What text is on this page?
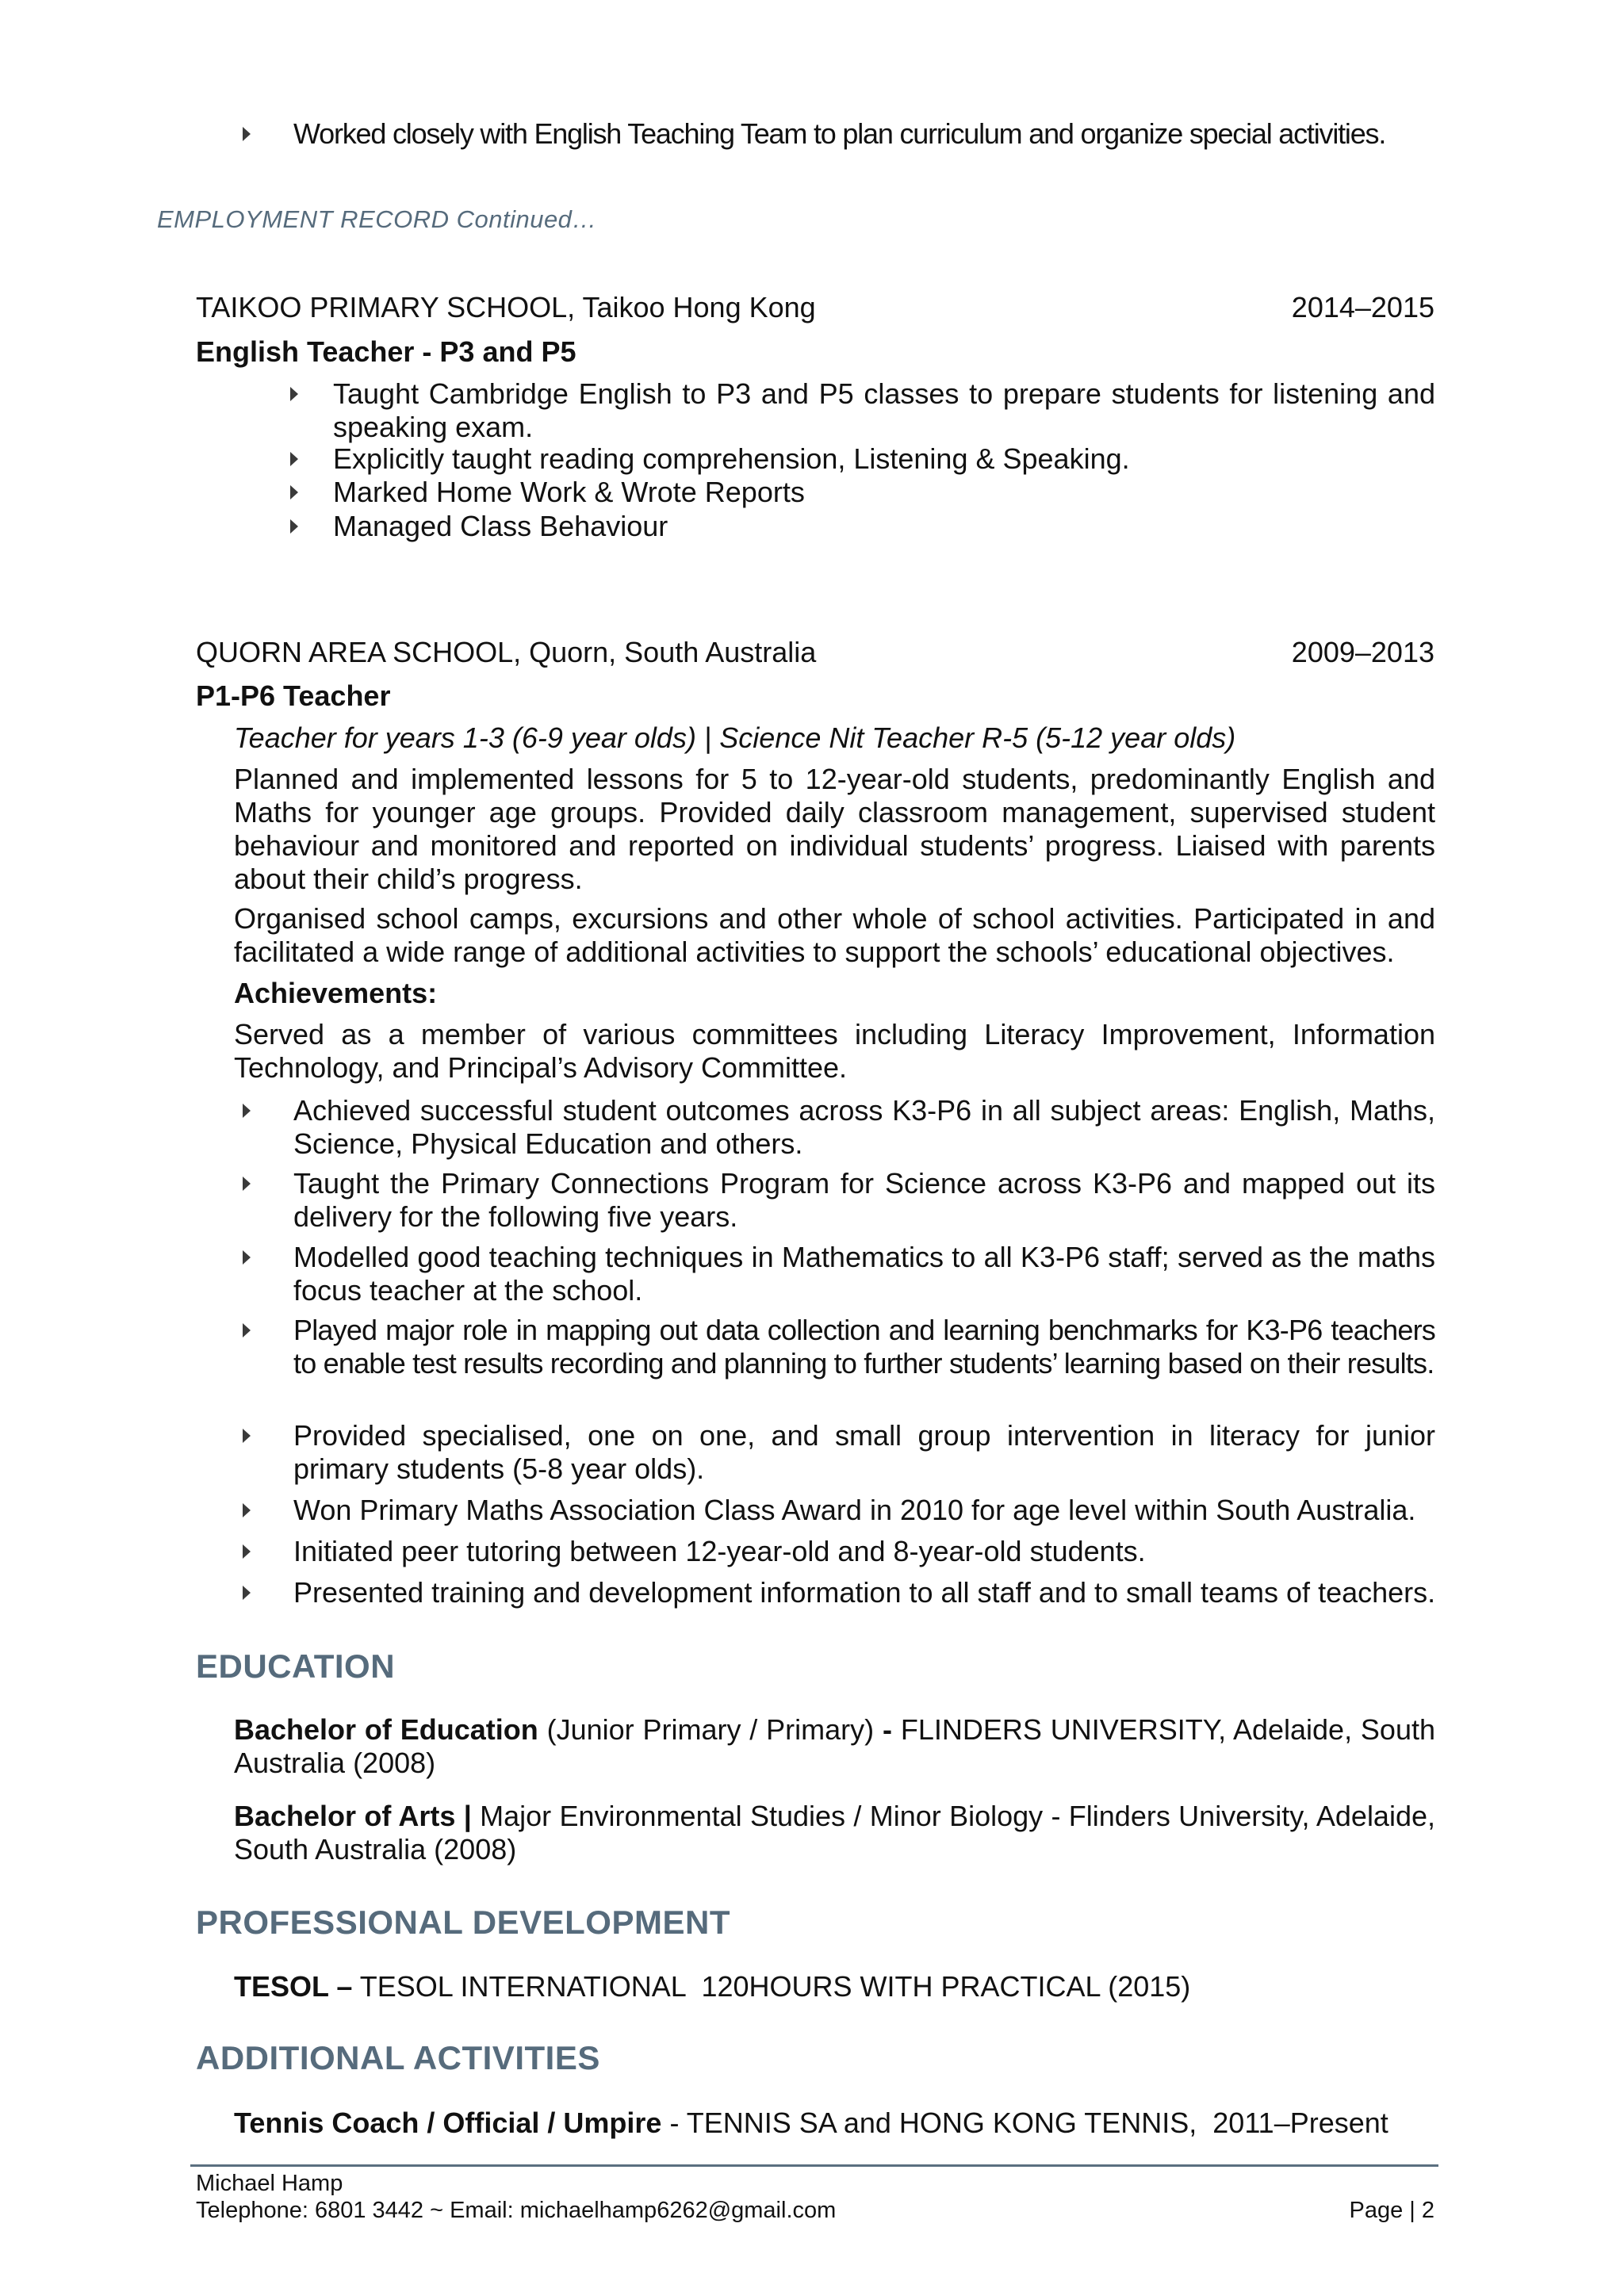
Worked closely with English Teaching Team to plan curriculum and organize special activities.
EMPLOYMENT RECORD Continued…
TAIKOO PRIMARY SCHOOL, Taikoo Hong Kong	2014–2015
English Teacher - P3 and P5
Taught Cambridge English to P3 and P5 classes to prepare students for listening and speaking exam.
Explicitly taught reading comprehension, Listening & Speaking.
Marked Home Work & Wrote Reports
Managed Class Behaviour
QUORN AREA SCHOOL, Quorn, South Australia	2009–2013
P1-P6 Teacher
Teacher for years 1-3 (6-9 year olds) | Science Nit Teacher R-5 (5-12 year olds)
Planned and implemented lessons for 5 to 12-year-old students, predominantly English and Maths for younger age groups. Provided daily classroom management, supervised student behaviour and monitored and reported on individual students’ progress. Liaised with parents about their child’s progress.
Organised school camps, excursions and other whole of school activities. Participated in and facilitated a wide range of additional activities to support the schools’ educational objectives.
Achievements:
Served as a member of various committees including Literacy Improvement, Information Technology, and Principal’s Advisory Committee.
Achieved successful student outcomes across K3-P6 in all subject areas: English, Maths, Science, Physical Education and others.
Taught the Primary Connections Program for Science across K3-P6 and mapped out its delivery for the following five years.
Modelled good teaching techniques in Mathematics to all K3-P6 staff; served as the maths focus teacher at the school.
Played major role in mapping out data collection and learning benchmarks for K3-P6 teachers to enable test results recording and planning to further students’ learning based on their results.
Provided specialised, one on one, and small group intervention in literacy for junior primary students (5-8 year olds).
Won Primary Maths Association Class Award in 2010 for age level within South Australia.
Initiated peer tutoring between 12-year-old and 8-year-old students.
Presented training and development information to all staff and to small teams of teachers.
EDUCATION
Bachelor of Education (Junior Primary / Primary) - FLINDERS UNIVERSITY, Adelaide, South Australia (2008)
Bachelor of Arts | Major Environmental Studies / Minor Biology - Flinders University, Adelaide, South Australia (2008)
PROFESSIONAL DEVELOPMENT
TESOL – TESOL INTERNATIONAL  120HOURS WITH PRACTICAL (2015)
ADDITIONAL ACTIVITIES
Tennis Coach / Official / Umpire - TENNIS SA and HONG KONG TENNIS,  2011–Present
Michael Hamp
Telephone: 6801 3442 ~ Email: michaelhamp6262@gmail.com	Page | 2
